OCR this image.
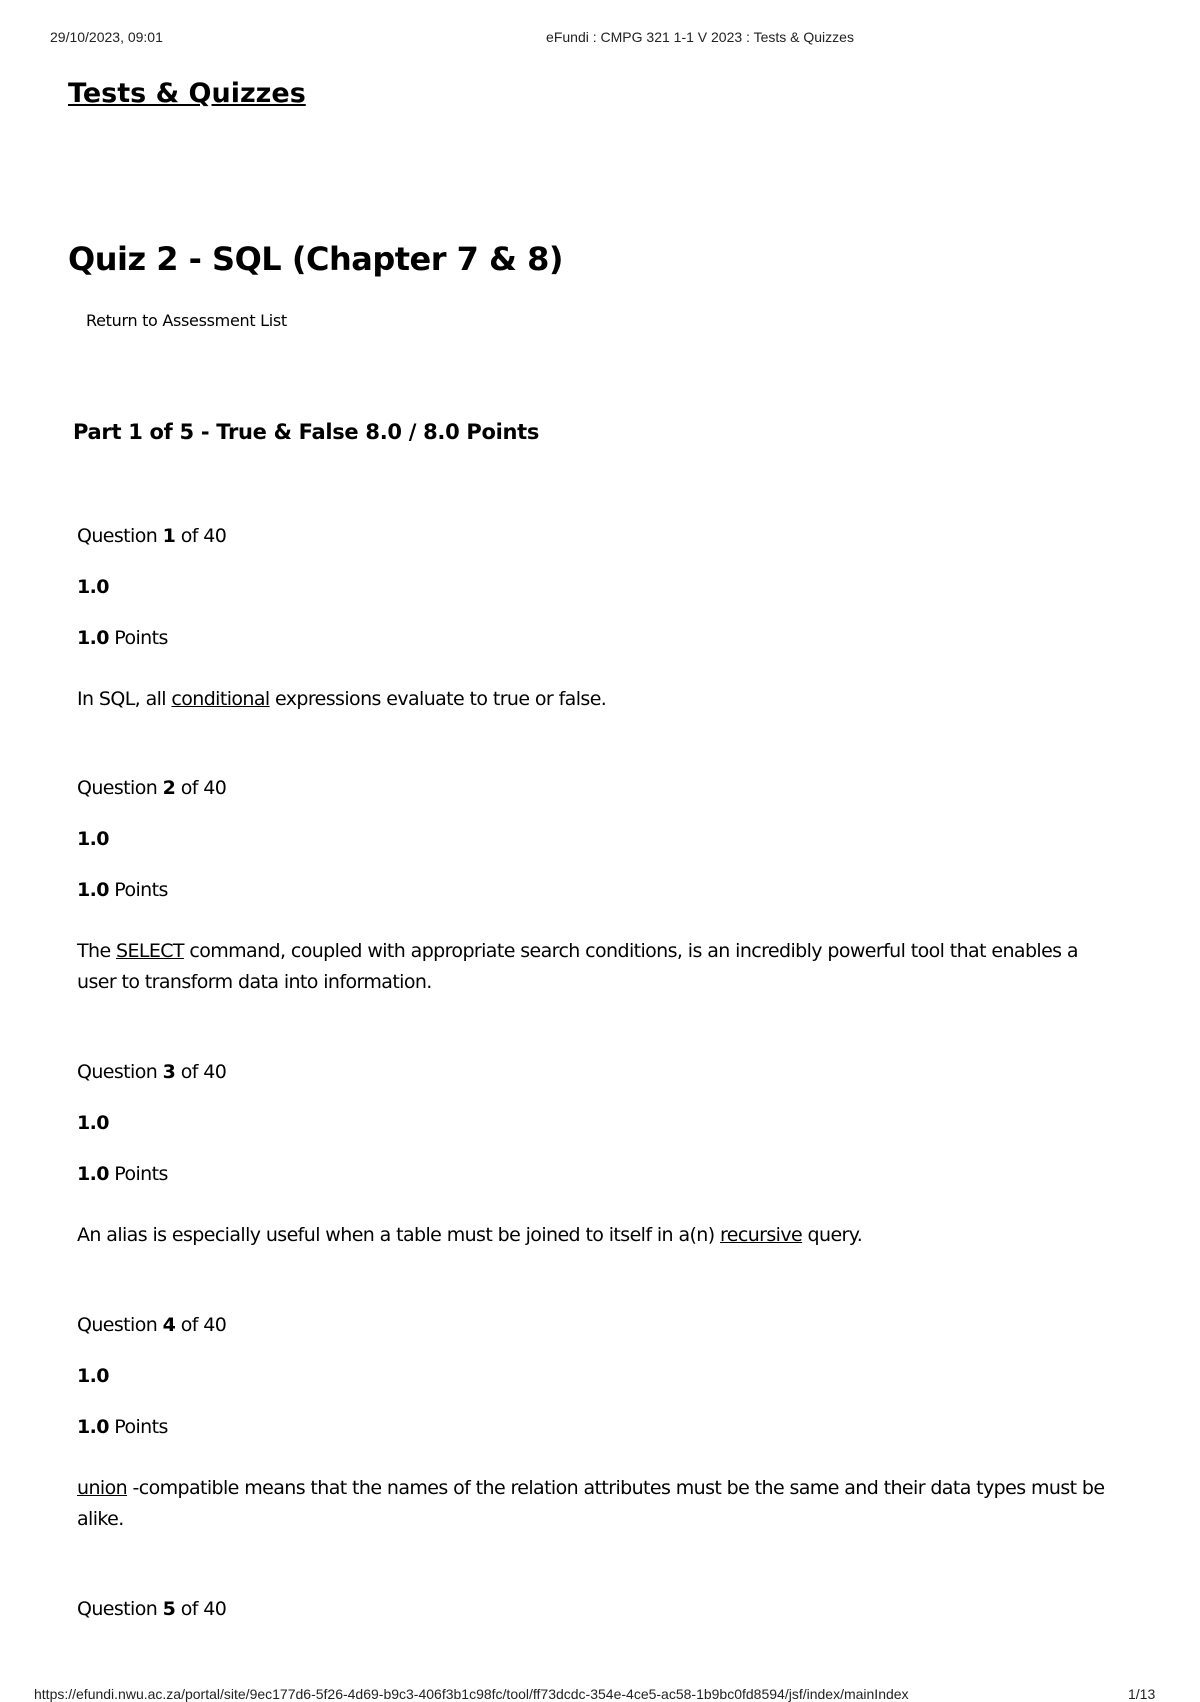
29/10/2023, 09:01	eFundi : CMPG 321 1-1 V 2023 : Tests & Quizzes
Tests & Quizzes
Quiz 2 - SQL (Chapter 7 & 8)
Return to Assessment List
Part 1 of 5 - True & False 8.0 / 8.0 Points
Question 1 of 40
1.0
1.0 Points
In SQL, all conditional expressions evaluate to true or false.
Question 2 of 40
1.0
1.0 Points
The SELECT command, coupled with appropriate search conditions, is an incredibly powerful tool that enables a user to transform data into information.
Question 3 of 40
1.0
1.0 Points
An alias is especially useful when a table must be joined to itself in a(n) recursive query.
Question 4 of 40
1.0
1.0 Points
union -compatible means that the names of the relation attributes must be the same and their data types must be alike.
Question 5 of 40
https://efundi.nwu.ac.za/portal/site/9ec177d6-5f26-4d69-b9c3-406f3b1c98fc/tool/ff73dcdc-354e-4ce5-ac58-1b9bc0fd8594/jsf/index/mainIndex	1/13
